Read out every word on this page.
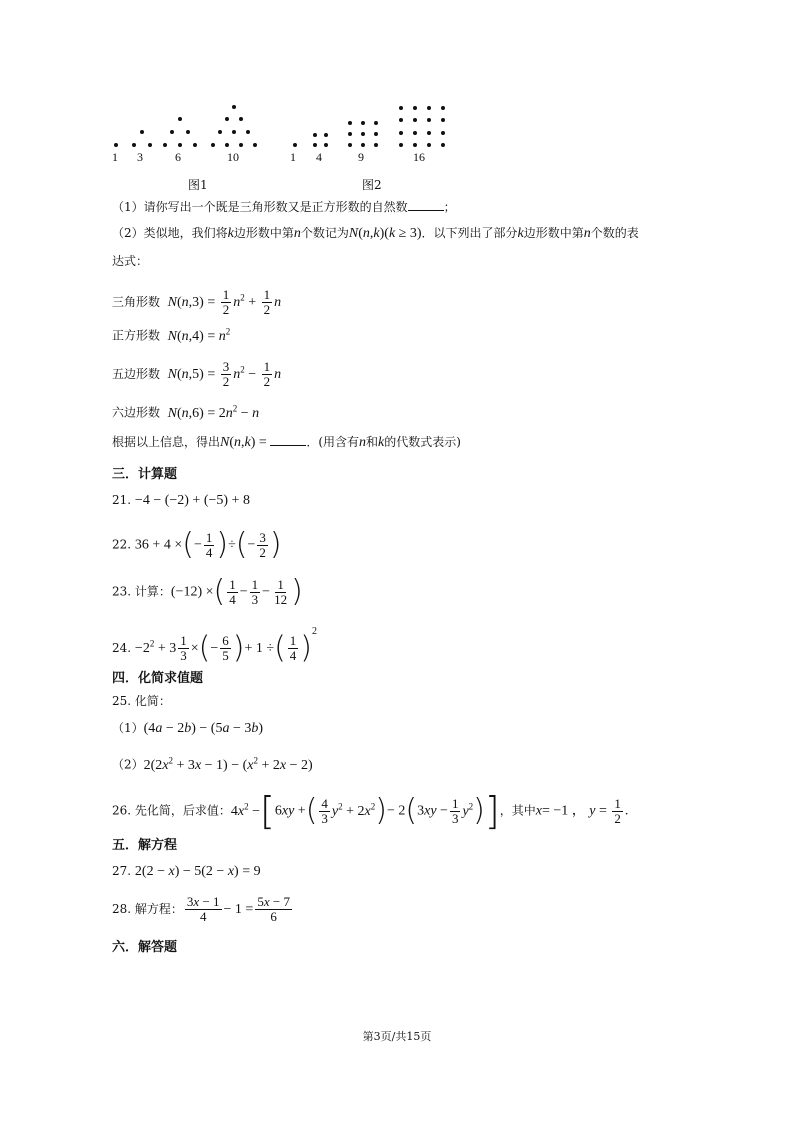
1 3	6	10
图1
1 4	9	16
图2
（1）请你写出一个既是三角形数又是正方形数的自然数	；
（2）类似地，我们将k边形数中第n个数记为N(n,k)(k ≥ 3)．以下列出了部分k边形数中第n个数的表
达式：
三角形数 $N(n,3) = \frac{1}{2} n^2 + \frac{1}{2}$ n
正方形数 $N(n,4) = n^2$
五边形数 $N(n,5) = \frac{3}{2} n^2 - \frac{1}{2}$ n
六边形数 $N(n,6) = 2n^2 - n$
根据以上信息，得出N(n,k) =	．(用含有n和k的代数式表示)
三．计算题
21. −4 − (−2) + (−5) + 8
22. 36 + 4 ×(− $\frac{1}{4}$ )÷(− $\frac{3}{2}$ )
23. 计算：(−12) ×( $\frac{1}{4} - \frac{1}{3} - \frac{1}{12}$ )
24. $-2^2 + 3 \frac{1}{3}$ ×(− $\frac{6}{5}$ )+ 1 ÷( $\frac{1}{4} )^2$
四．化简求值题
25. 化简：
（1）(4a − 2b) − (5a − 3b)
$(2)2(2x^2 + 3x - 1) - (x^2 + 2x - 2)$
26. 先化简，后求值：$4x^2 -[6xy$ +( $\frac{4}{3} y^2 + 2x^2)- 2(3xy - \frac{1}{3} y^2)$]，其中x= −1 ， $y = \frac{1}{2}$ .
五．解方程
27. 2(2 − x) − 5(2 − x) = 9
28. 解方程： $\frac{3x - 1}{4} - 1 = \frac{5x - 7}{6}$
六．解答题
第3页/共15页
